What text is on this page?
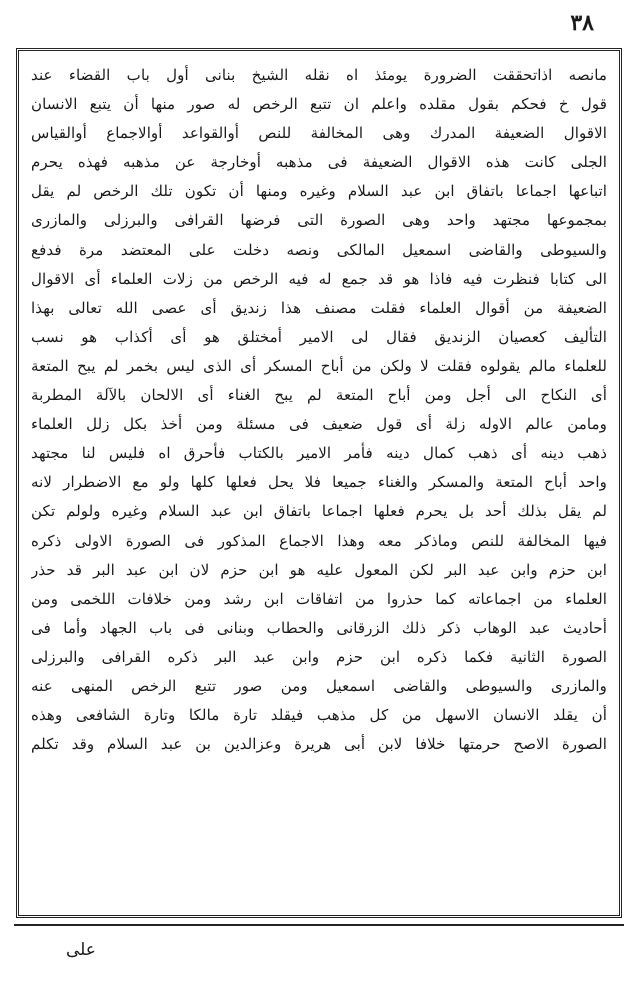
٣٨
مانصه اذاتحققت الضرورة يومئذ اه نقله الشيخ بنانى أول باب القضاء عند
قول خ فحكم بقول مقلده واعلم ان تتبع الرخص له صور منها أن يتبع الانسان
الاقوال الضعيفة المدرك وهى المخالفة للنص أوالقواعد أوالاجماع أوالقياس
الجلى كانت هذه الاقوال الضعيفة فى مذهبه أوخارجة عن مذهبه فهذه يحرم
اتباعها اجماعا باتفاق ابن عبد السلام وغيره ومنها أن تكون تلك الرخص لم يقل
بمجموعها مجتهد واحد وهى الصورة التى فرضها القرافى والبرزلى والمازرى
والسيوطى والقاضى اسمعيل المالكى ونصه دخلت على المعتضد مرة فدفع
الى كتابا فنظرت فيه فاذا هو قد جمع له فيه الرخص من زلات العلماء أى الاقوال
الضعيفة من أقوال العلماء فقلت مصنف هذا زنديق أى عصى الله تعالى بهذا
التأليف كعصيان الزنديق فقال لى الامير أمختلق هو أى أكذاب هو نسب
للعلماء مالم يقولوه فقلت لا ولكن من أباح المسكر أى الذى ليس بخمر لم يبح المتعة
أى النكاح الى أجل ومن أباح المتعة لم يبح الغناء أى الالحان بالآلة المطربة
ومامن عالم الاوله زلة أى قول ضعيف فى مسئلة ومن أخذ بكل زلل العلماء
ذهب دينه أى ذهب كمال دينه فأمر الامير بالكتاب فأحرق اه فليس لنا مجتهد
واحد أباح المتعة والمسكر والغناء جميعا فلا يحل فعلها كلها ولو مع الاضطرار لانه
لم يقل بذلك أحد بل يحرم فعلها اجماعا باتفاق ابن عبد السلام وغيره ولولم تكن
فيها المخالفة للنص وماذكر معه وهذا الاجماع المذكور فى الصورة الاولى ذكره
ابن حزم وابن عبد البر لكن المعول عليه هو ابن حزم لان ابن عبد البر قد حذر
العلماء من اجماعاته كما حذروا من اتفاقات ابن رشد ومن خلافات اللخمى ومن
أحاديث عبد الوهاب ذكر ذلك الزرقانى والحطاب وبنانى فى باب الجهاد وأما فى
الصورة الثانية فكما ذكره ابن حزم وابن عبد البر ذكره القرافى والبرزلى
والمازرى والسيوطى والقاضى اسمعيل ومن صور تتبع الرخص المنهى عنه
أن يقلد الانسان الاسهل من كل مذهب فيقلد تارة مالكا وتارة الشافعى وهذه
الصورة الاصح حرمتها خلافا لابن أبى هريرة وعزالدين بن عبد السلام وقد تكلم
على
